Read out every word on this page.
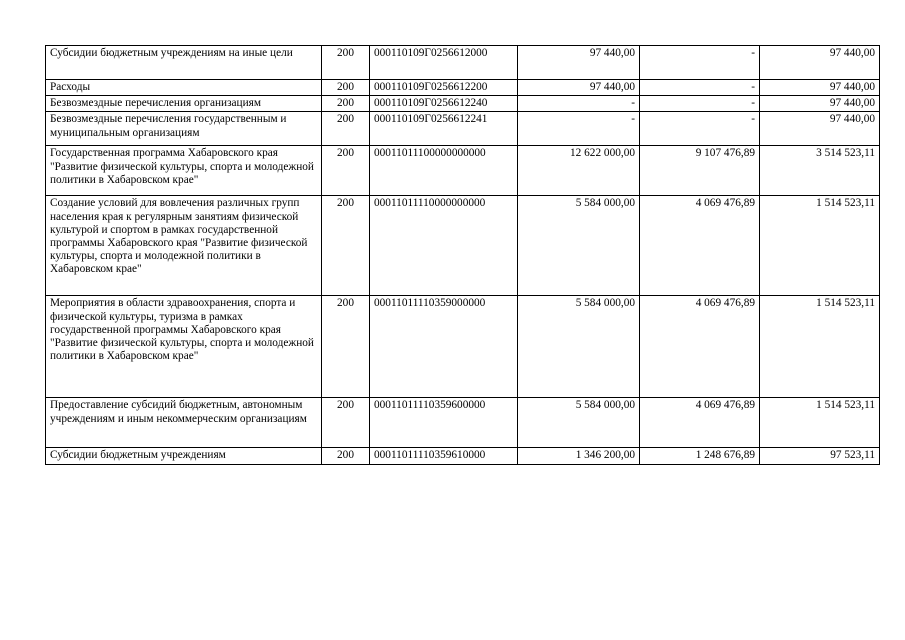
Субсидии бюджетным учреждениям на иные цели	200	000110109Г0256612000	97 440,00	-	97 440,00
Расходы	200	000110109Г0256612200	97 440,00	-	97 440,00
Безвозмездные перечисления организациям	200	000110109Г0256612240	-	-	97 440,00
Безвозмездные перечисления государственным и муниципальным организациям	200	000110109Г0256612241	-	-	97 440,00
Государственная программа Хабаровского края "Развитие физической культуры, спорта и молодежной политики в Хабаровском крае"	200	00011011100000000000	12 622 000,00	9 107 476,89	3 514 523,11
Создание условий для вовлечения различных групп населения края к регулярным занятиям физической культурой и спортом в рамках государственной программы Хабаровского края "Развитие физической культуры, спорта и молодежной политики в Хабаровском крае"	200	00011011110000000000	5 584 000,00	4 069 476,89	1 514 523,11
Мероприятия в области здравоохранения, спорта и физической культуры, туризма в рамках государственной программы Хабаровского края "Развитие физической культуры, спорта и молодежной политики в Хабаровском крае"	200	00011011110359000000	5 584 000,00	4 069 476,89	1 514 523,11
Предоставление субсидий бюджетным, автономным учреждениям и иным некоммерческим организациям	200	00011011110359600000	5 584 000,00	4 069 476,89	1 514 523,11
Субсидии бюджетным учреждениям	200	00011011110359610000	1 346 200,00	1 248 676,89	97 523,11
